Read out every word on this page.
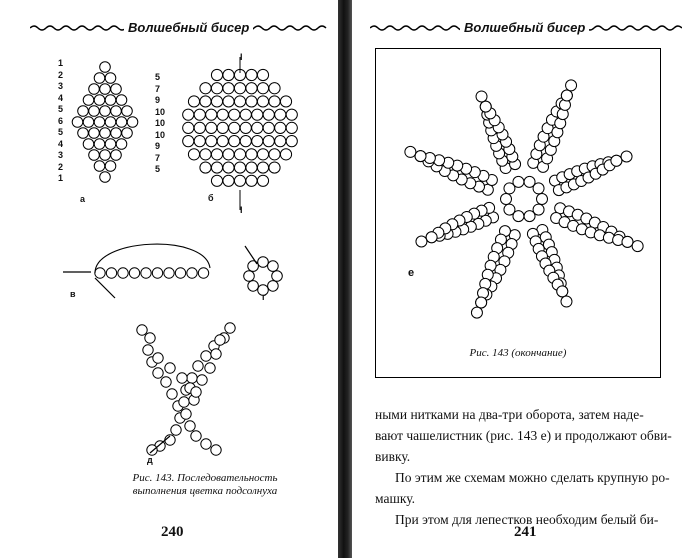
Волшебный бисер
1
2
3
4
5
6
5
4
3
2
1
5
7
9
10
10
10
9
7
5
а
I
I
б
в	г
д
Рис. 143. Последовательность
выполнения цветка подсолнуха
240
Волшебный бисер
е
Рис. 143 (окончание)
ными нитками на два-три оборота, затем наде-
вают чашелистник (рис. 143 е) и продолжают обви-
вивку.
По этим же схемам можно сделать крупную ро-
машку.
При этом для лепестков необходим белый би-
241
